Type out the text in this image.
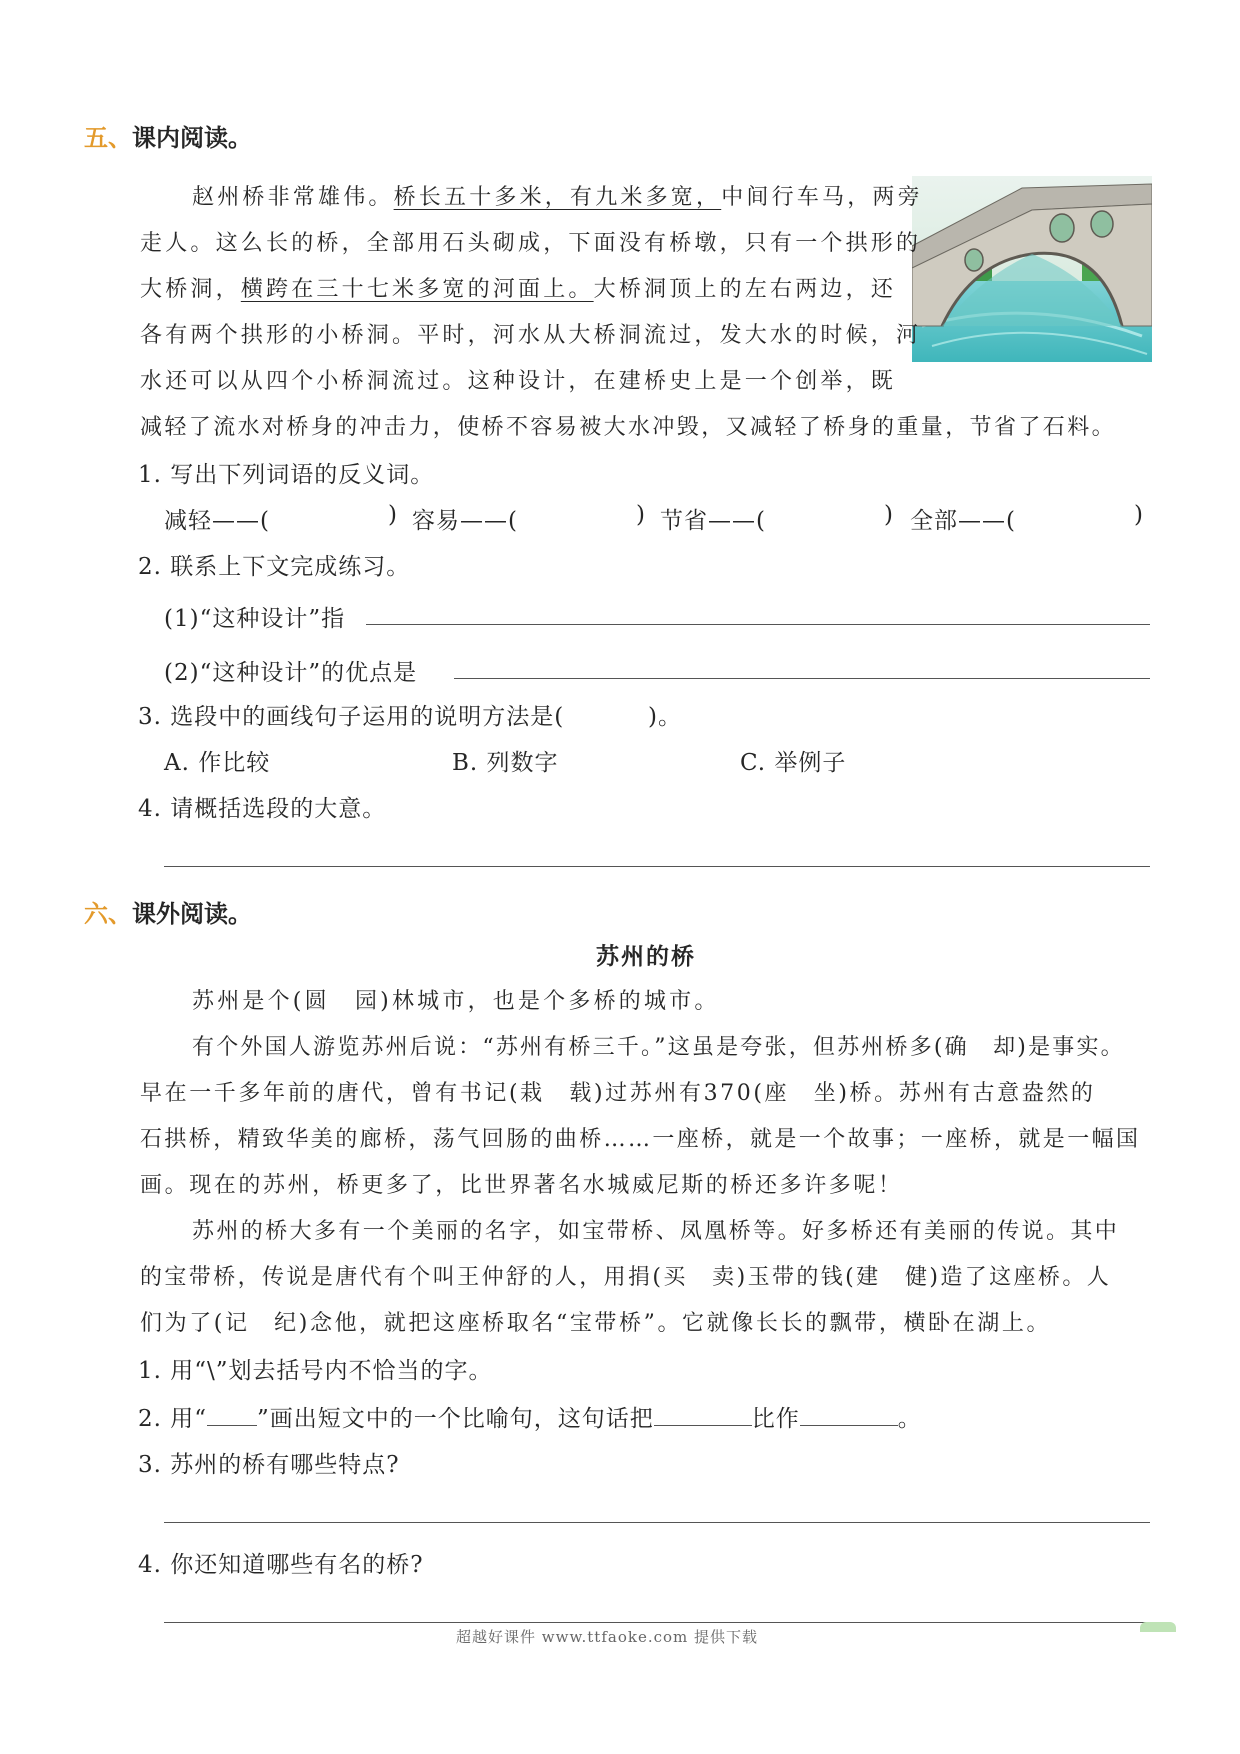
五、课内阅读。
赵州桥非常雄伟。桥长五十多米，有九米多宽，中间行车马，两旁
走人。这么长的桥，全部用石头砌成，下面没有桥墩，只有一个拱形的
大桥洞，横跨在三十七米多宽的河面上。大桥洞顶上的左右两边，还
各有两个拱形的小桥洞。平时，河水从大桥洞流过，发大水的时候，河
水还可以从四个小桥洞流过。这种设计，在建桥史上是一个创举，既
减轻了流水对桥身的冲击力，使桥不容易被大水冲毁，又减轻了桥身的重量，节省了石料。
1. 写出下列词语的反义词。
减轻——(	) 容易——(	) 节省——(	) 全部——(	)
2. 联系上下文完成练习。
(1)“这种设计”指
(2)“这种设计”的优点是
3. 选段中的画线句子运用的说明方法是(	)。
A. 作比较	B. 列数字	C. 举例子
4. 请概括选段的大意。
六、课外阅读。
苏州的桥
苏州是个(圆　园)林城市，也是个多桥的城市。
有个外国人游览苏州后说：“苏州有桥三千。”这虽是夸张，但苏州桥多(确　却)是事实。
早在一千多年前的唐代，曾有书记(栽　载)过苏州有370(座　坐)桥。苏州有古意盎然的
石拱桥，精致华美的廊桥，荡气回肠的曲桥……一座桥，就是一个故事；一座桥，就是一幅国
画。现在的苏州，桥更多了，比世界著名水城威尼斯的桥还多许多呢！
苏州的桥大多有一个美丽的名字，如宝带桥、凤凰桥等。好多桥还有美丽的传说。其中
的宝带桥，传说是唐代有个叫王仲舒的人，用捐(买　卖)玉带的钱(建　健)造了这座桥。人
们为了(记　纪)念他，就把这座桥取名“宝带桥”。它就像长长的飘带，横卧在湖上。
1. 用“\”划去括号内不恰当的字。
2. 用“ ”画出短文中的一个比喻句，这句话把	比作	。
3. 苏州的桥有哪些特点?
4. 你还知道哪些有名的桥?
超越好课件 www.ttfaoke.com 提供下载
